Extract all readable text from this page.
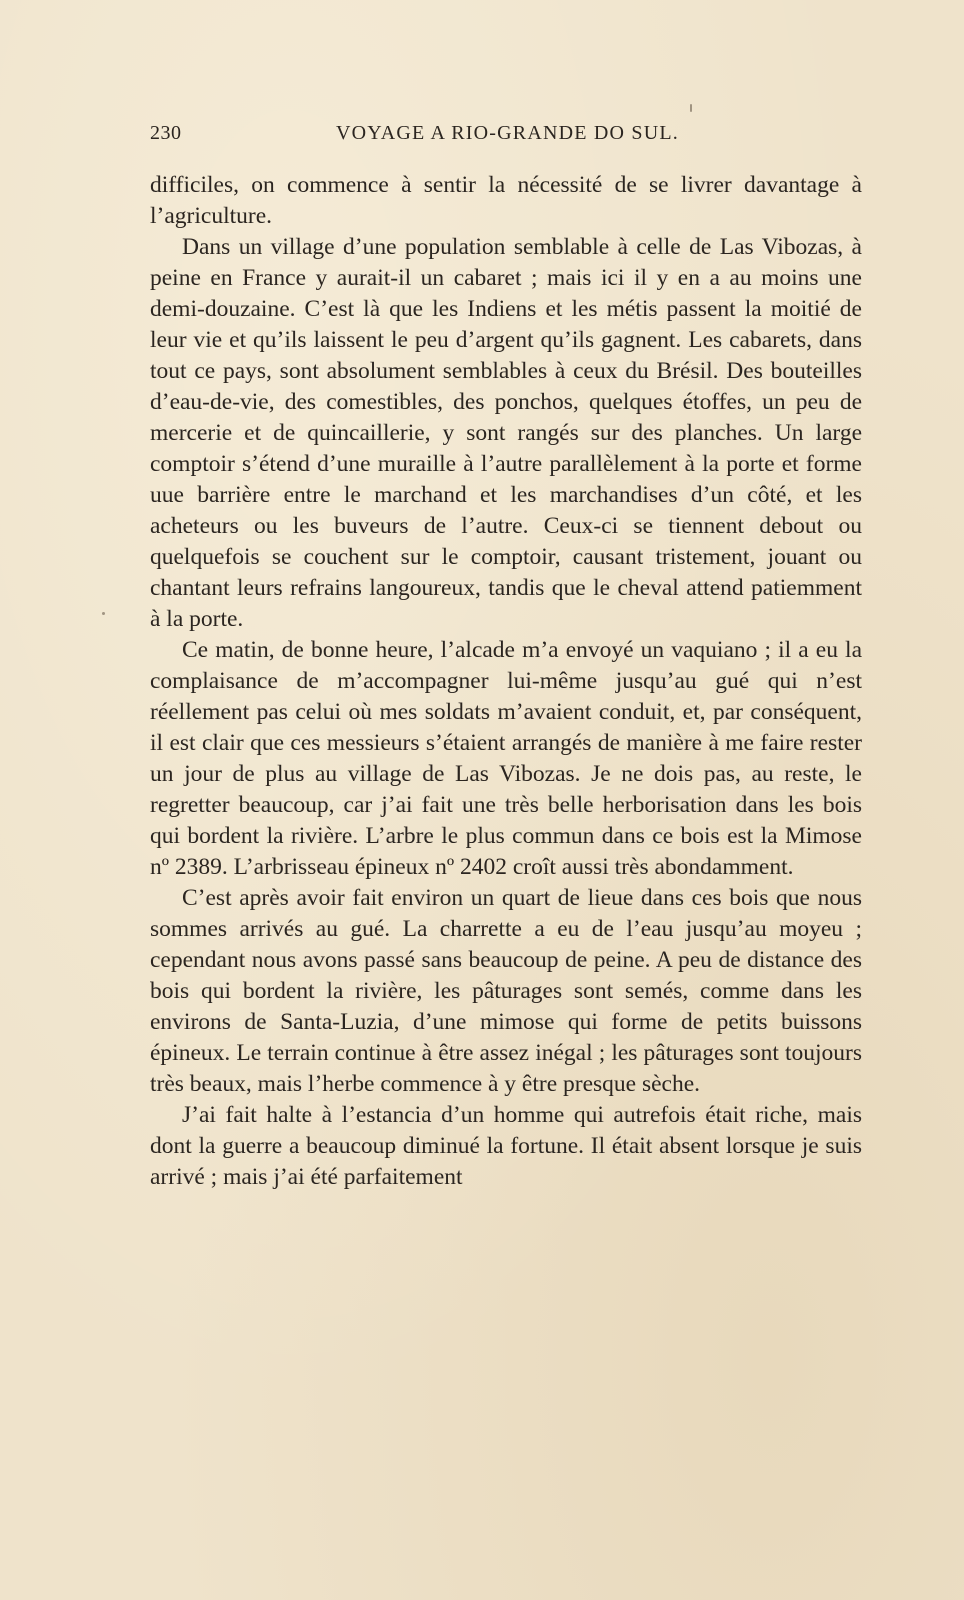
230	VOYAGE A RIO-GRANDE DO SUL.

difficiles, on commence à sentir la nécessité de se livrer davantage à l’agriculture.

Dans un village d’une population semblable à celle de Las Vibozas, à peine en France y aurait-il un cabaret ; mais ici il y en a au moins une demi-douzaine. C’est là que les Indiens et les métis passent la moitié de leur vie et qu’ils laissent le peu d’argent qu’ils gagnent. Les cabarets, dans tout ce pays, sont absolument semblables à ceux du Brésil. Des bouteilles d’eau-de-vie, des comestibles, des ponchos, quelques étoffes, un peu de mercerie et de quincaillerie, y sont rangés sur des planches. Un large comptoir s’étend d’une muraille à l’autre parallèlement à la porte et forme uue barrière entre le marchand et les marchandises d’un côté, et les acheteurs ou les buveurs de l’autre. Ceux-ci se tiennent debout ou quelquefois se couchent sur le comptoir, causant tristement, jouant ou chantant leurs refrains langoureux, tandis que le cheval attend patiemment à la porte.

Ce matin, de bonne heure, l’alcade m’a envoyé un vaquiano ; il a eu la complaisance de m’accompagner lui-même jusqu’au gué qui n’est réellement pas celui où mes soldats m’avaient conduit, et, par conséquent, il est clair que ces messieurs s’étaient arrangés de manière à me faire rester un jour de plus au village de Las Vibozas. Je ne dois pas, au reste, le regretter beaucoup, car j’ai fait une très belle herborisation dans les bois qui bordent la rivière. L’arbre le plus commun dans ce bois est la Mimose nº 2389. L’arbrisseau épineux nº 2402 croît aussi très abondamment.

C’est après avoir fait environ un quart de lieue dans ces bois que nous sommes arrivés au gué. La charrette a eu de l’eau jusqu’au moyeu ; cependant nous avons passé sans beaucoup de peine. A peu de distance des bois qui bordent la rivière, les pâturages sont semés, comme dans les environs de Santa-Luzia, d’une mimose qui forme de petits buissons épineux. Le terrain continue à être assez inégal ; les pâturages sont toujours très beaux, mais l’herbe commence à y être presque sèche.

J’ai fait halte à l’estancia d’un homme qui autrefois était riche, mais dont la guerre a beaucoup diminué la fortune. Il était absent lorsque je suis arrivé ; mais j’ai été parfaitement
